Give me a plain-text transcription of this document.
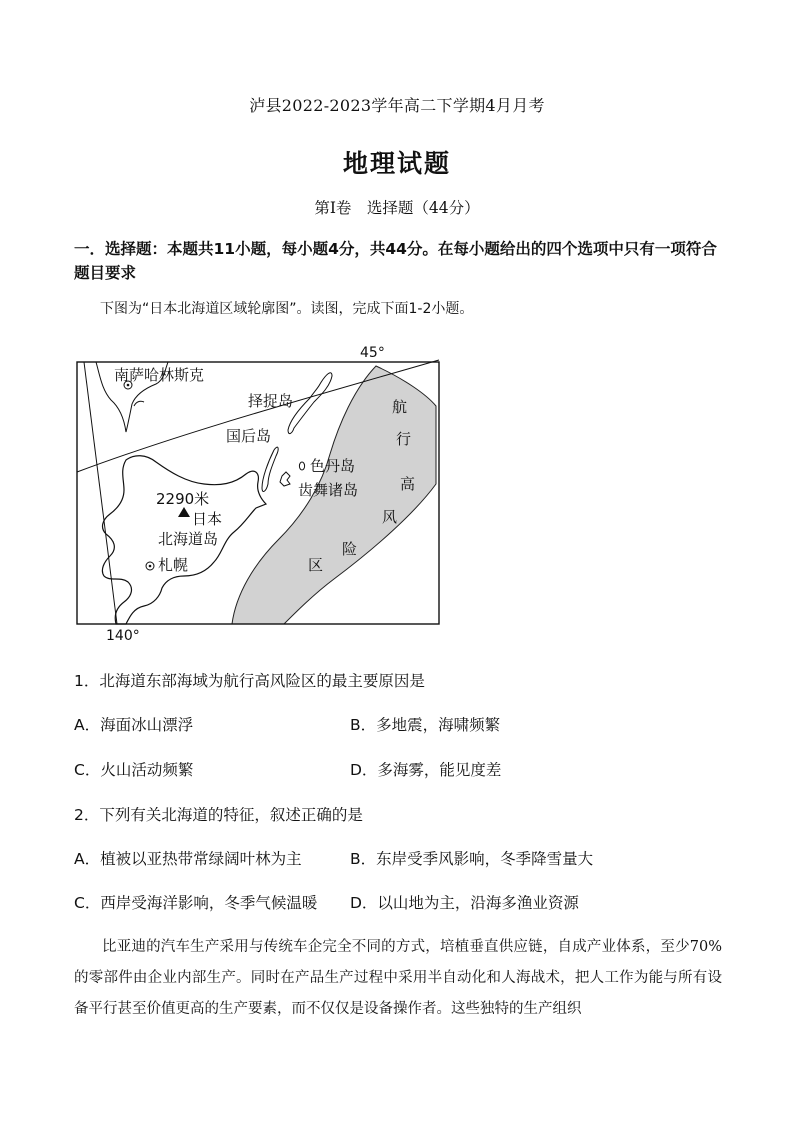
泸县2022-2023学年高二下学期4月月考
地理试题
第Ⅰ卷　选择题（44分）
一．选择题：本题共11小题，每小题4分，共44分。在每小题给出的四个选项中只有一项符合题目要求
下图为“日本北海道区域轮廓图”。读图，完成下面1-2小题。
45°
140°
南萨哈林斯克
择捉岛
国后岛
色丹岛
齿舞诸岛
2290米
日本
北海道岛
札幌
航
行
高
风
险
区
1．北海道东部海域为航行高风险区的最主要原因是
A．海面冰山漂浮	B．多地震，海啸频繁
C．火山活动频繁	D．多海雾，能见度差
2．下列有关北海道的特征，叙述正确的是
A．植被以亚热带常绿阔叶林为主	B．东岸受季风影响，冬季降雪量大
C．西岸受海洋影响，冬季气候温暖 D．以山地为主，沿海多渔业资源

比亚迪的汽车生产采用与传统车企完全不同的方式，培植垂直供应链，自成产业体系，至少70%的零部件由企业内部生产。同时在产品生产过程中采用半自动化和人海战术，把人工作为能与所有设备平行甚至价值更高的生产要素，而不仅仅是设备操作者。这些独特的生产组织
